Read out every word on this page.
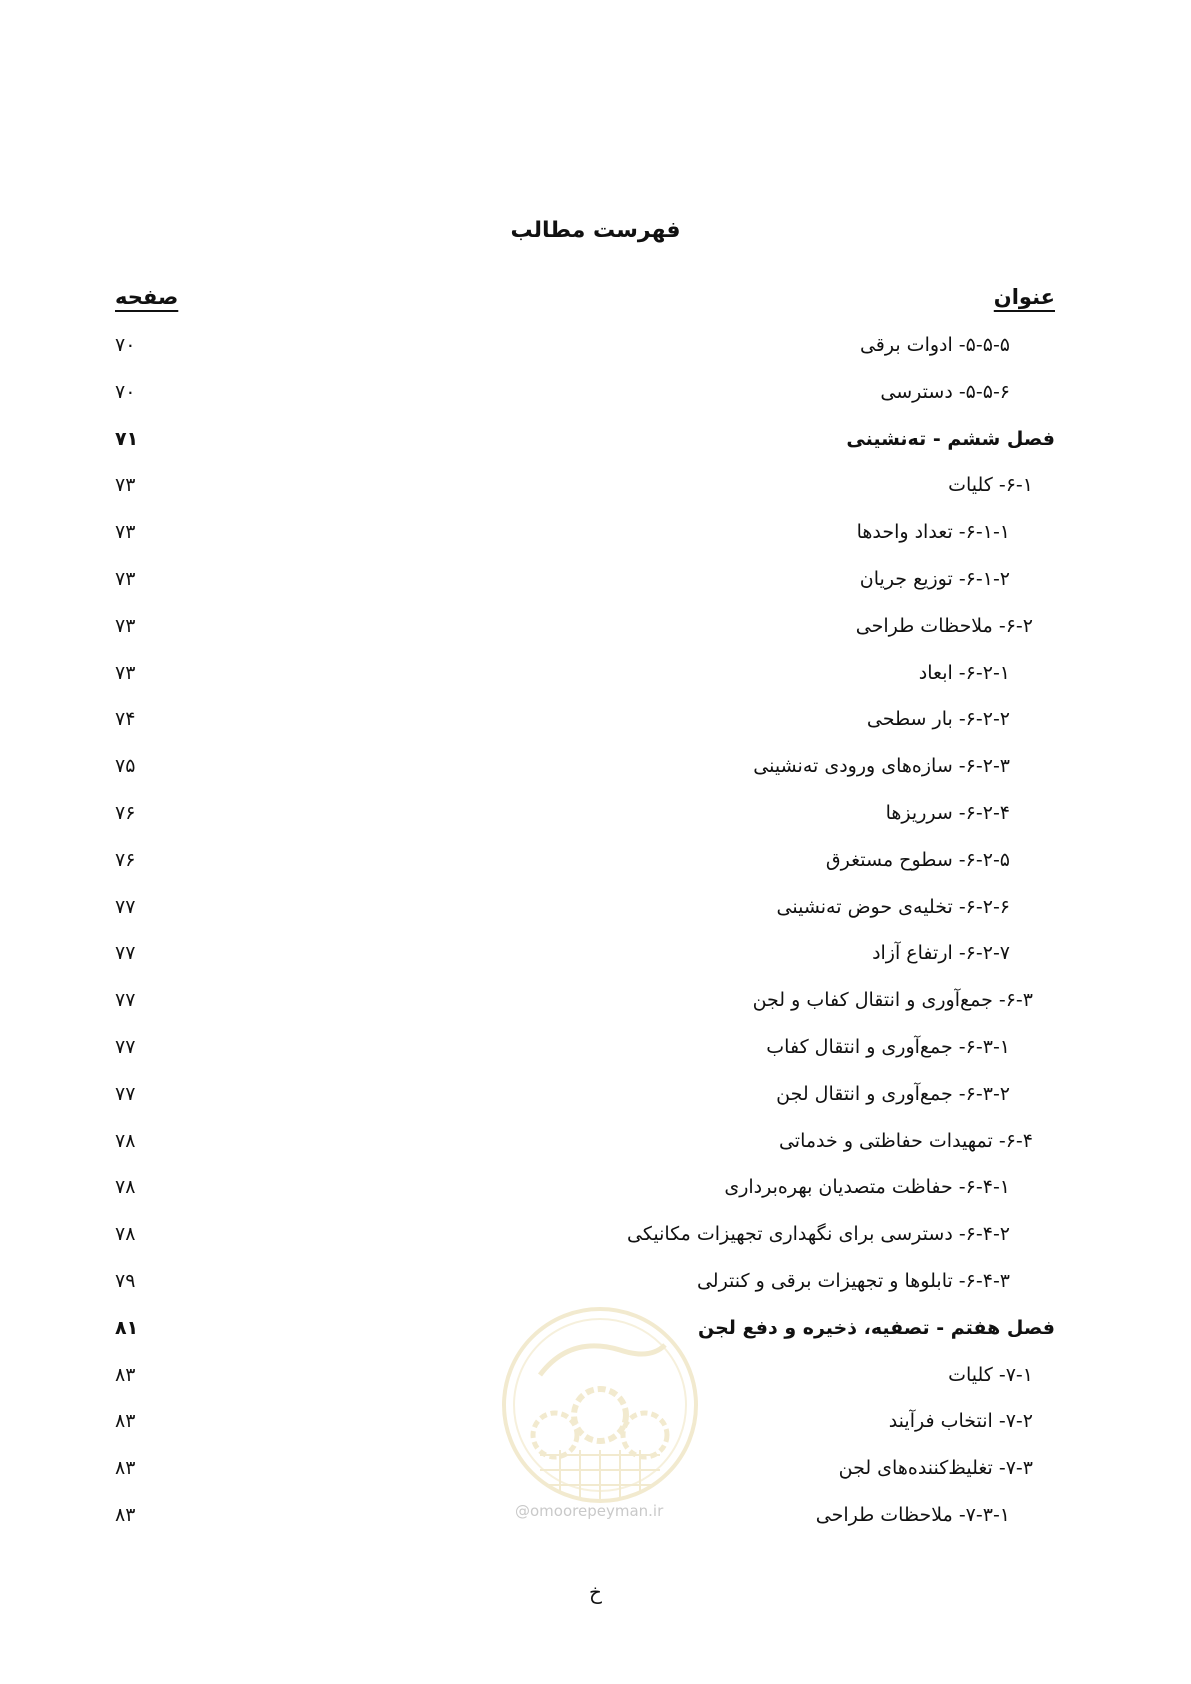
فهرست مطالب
عنوان
صفحه
۵-۵-۵- ادوات برقی
۷۰
۵-۵-۶- دسترسی
۷۰
فصل ششم - ته‌نشینی
۷۱
۶-۱- کلیات
۷۳
۶-۱-۱- تعداد واحدها
۷۳
۶-۱-۲- توزیع جریان
۷۳
۶-۲- ملاحظات طراحی
۷۳
۶-۲-۱- ابعاد
۷۳
۶-۲-۲- بار سطحی
۷۴
۶-۲-۳- سازه‌های ورودی ته‌نشینی
۷۵
۶-۲-۴- سرریزها
۷۶
۶-۲-۵- سطوح مستغرق
۷۶
۶-۲-۶- تخلیه‌ی حوض ته‌نشینی
۷۷
۶-۲-۷- ارتفاع آزاد
۷۷
۶-۳- جمع‌آوری و انتقال کفاب و لجن
۷۷
۶-۳-۱- جمع‌آوری و انتقال کفاب
۷۷
۶-۳-۲- جمع‌آوری و انتقال لجن
۷۷
۶-۴- تمهیدات حفاظتی و خدماتی
۷۸
۶-۴-۱- حفاظت متصدیان بهره‌برداری
۷۸
۶-۴-۲- دسترسی برای نگهداری تجهیزات مکانیکی
۷۸
۶-۴-۳- تابلوها و تجهیزات برقی و کنترلی
۷۹
فصل هفتم - تصفیه، ذخیره و دفع لجن
۸۱
۷-۱- کلیات
۸۳
۷-۲- انتخاب فرآیند
۸۳
۷-۳- تغلیظ‌کننده‌های لجن
۸۳
۷-۳-۱- ملاحظات طراحی
۸۳	@omoorepeyman.ir
خ
